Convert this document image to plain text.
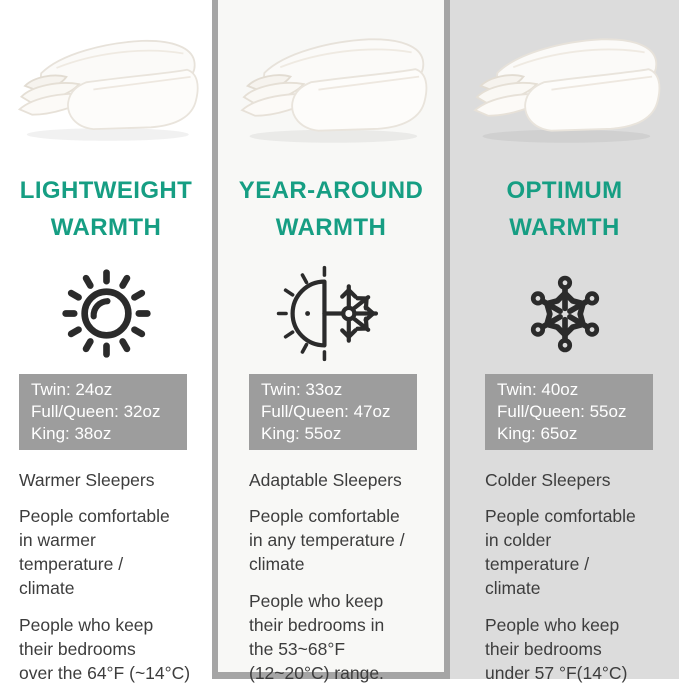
LIGHTWEIGHT
WARMTH
Twin: 24oz
Full/Queen: 32oz
King: 38oz
Warmer Sleepers
People comfortable
in warmer
temperature /
climate
People who keep
their bedrooms
over the 64°F (~14°C)
YEAR-AROUND
WARMTH
Twin: 33oz
Full/Queen: 47oz
King: 55oz
Adaptable Sleepers
People comfortable
in any temperature /
climate
People who keep
their bedrooms in
the 53~68°F
(12~20°C) range.
OPTIMUM
WARMTH
Twin: 40oz
Full/Queen: 55oz
King: 65oz
Colder Sleepers
People comfortable
in colder
temperature /
climate
People who keep
their bedrooms
under 57 °F(14°C)
